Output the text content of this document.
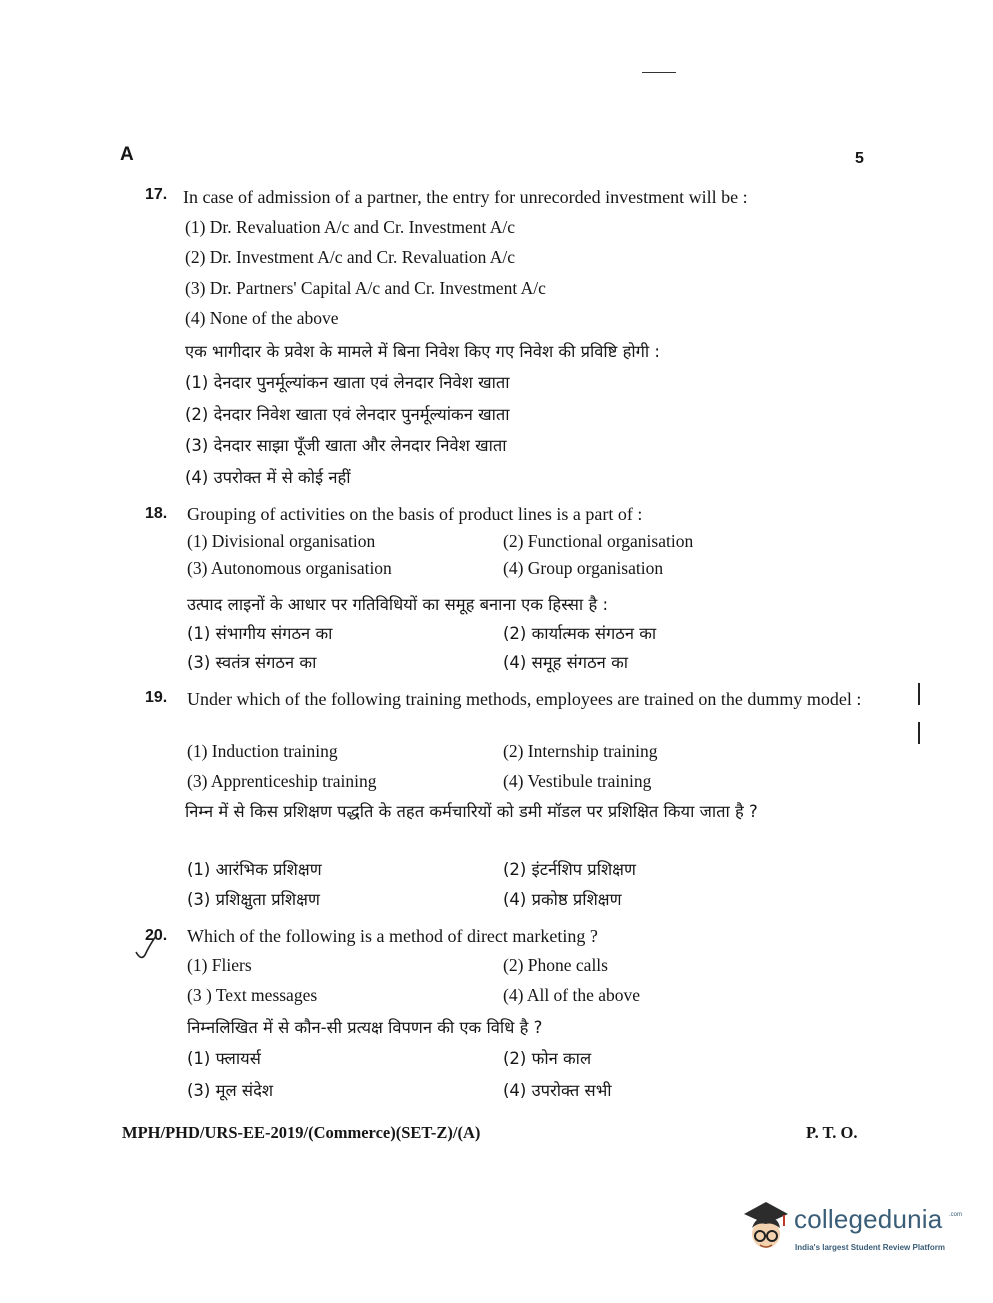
A	5
17. In case of admission of a partner, the entry for unrecorded investment will be :
(1) Dr. Revaluation A/c and Cr. Investment A/c
(2) Dr. Investment A/c and Cr. Revaluation A/c
(3) Dr. Partners' Capital A/c and Cr. Investment A/c
(4) None of the above
एक भागीदार के प्रवेश के मामले में बिना निवेश किए गए निवेश की प्रविष्टि होगी :
(1) देनदार पुनर्मूल्यांकन खाता एवं लेनदार निवेश खाता
(2) देनदार निवेश खाता एवं लेनदार पुनर्मूल्यांकन खाता
(3) देनदार साझा पूँजी खाता और लेनदार निवेश खाता
(4) उपरोक्त में से कोई नहीं
18. Grouping of activities on the basis of product lines is a part of :
(1) Divisional organisation	(2) Functional organisation
(3) Autonomous organisation	(4) Group organisation
उत्पाद लाइनों के आधार पर गतिविधियों का समूह बनाना एक हिस्सा है :
(1) संभागीय संगठन का	(2) कार्यात्मक संगठन का
(3) स्वतंत्र संगठन का	(4) समूह संगठन का
19. Under which of the following training methods, employees are trained on the dummy model :
(1) Induction training	(2) Internship training
(3) Apprenticeship training	(4) Vestibule training
निम्न में से किस प्रशिक्षण पद्धति के तहत कर्मचारियों को डमी मॉडल पर प्रशिक्षित किया जाता है ?
(1) आरंभिक प्रशिक्षण	(2) इंटर्नशिप प्रशिक्षण
(3) प्रशिक्षुता प्रशिक्षण	(4) प्रकोष्ठ प्रशिक्षण
20. Which of the following is a method of direct marketing ?
(1) Fliers	(2) Phone calls
(3 ) Text messages	(4) All of the above
निम्नलिखित में से कौन-सी प्रत्यक्ष विपणन की एक विधि है ?
(1) फ्लायर्स	(2) फोन काल
(3) मूल संदेश	(4) उपरोक्त सभी
MPH/PHD/URS-EE-2019/(Commerce)(SET-Z)/(A)	P. T. O.
collegedunia .com
India's largest Student Review Platform
